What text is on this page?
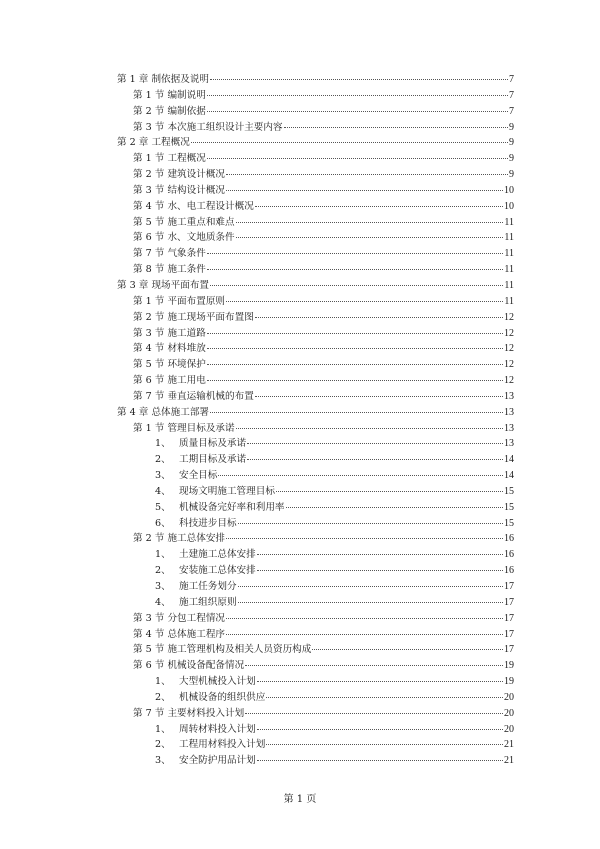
第 1 章 制依据及说明	7
第 1 节 编制说明	7
第 2 节 编制依据	7
第 3 节 本次施工组织设计主要内容	9
第 2 章 工程概况	9
第 1 节 工程概况	9
第 2 节 建筑设计概况	9
第 3 节 结构设计概况	10
第 4 节 水、电工程设计概况	10
第 5 节 施工重点和难点	11
第 6 节 水、文地质条件	11
第 7 节 气象条件	11
第 8 节 施工条件	11
第 3 章 现场平面布置	11
第 1 节 平面布置原则	11
第 2 节 施工现场平面布置图	12
第 3 节 施工道路	12
第 4 节 材料堆放	12
第 5 节 环境保护	12
第 6 节 施工用电	12
第 7 节 垂直运输机械的布置	13
第 4 章 总体施工部署	13
第 1 节 管理目标及承诺	13
1、 质量目标及承诺	13
2、 工期目标及承诺	14
3、 安全目标	14
4、 现场文明施工管理目标	15
5、 机械设备完好率和利用率	15
6、 科技进步目标	15
第 2 节 施工总体安排	16
1、 土建施工总体安排	16
2、 安装施工总体安排	16
3、 施工任务划分	17
4、 施工组织原则	17
第 3 节 分包工程情况	17
第 4 节 总体施工程序	17
第 5 节 施工管理机构及相关人员资历构成	17
第 6 节 机械设备配备情况	19
1、 大型机械投入计划	19
2、 机械设备的组织供应	20
第 7 节 主要材料投入计划	20
1、 周转材料投入计划	20
2、 工程用材料投入计划	21
3、 安全防护用品计划	21
第 1 页
